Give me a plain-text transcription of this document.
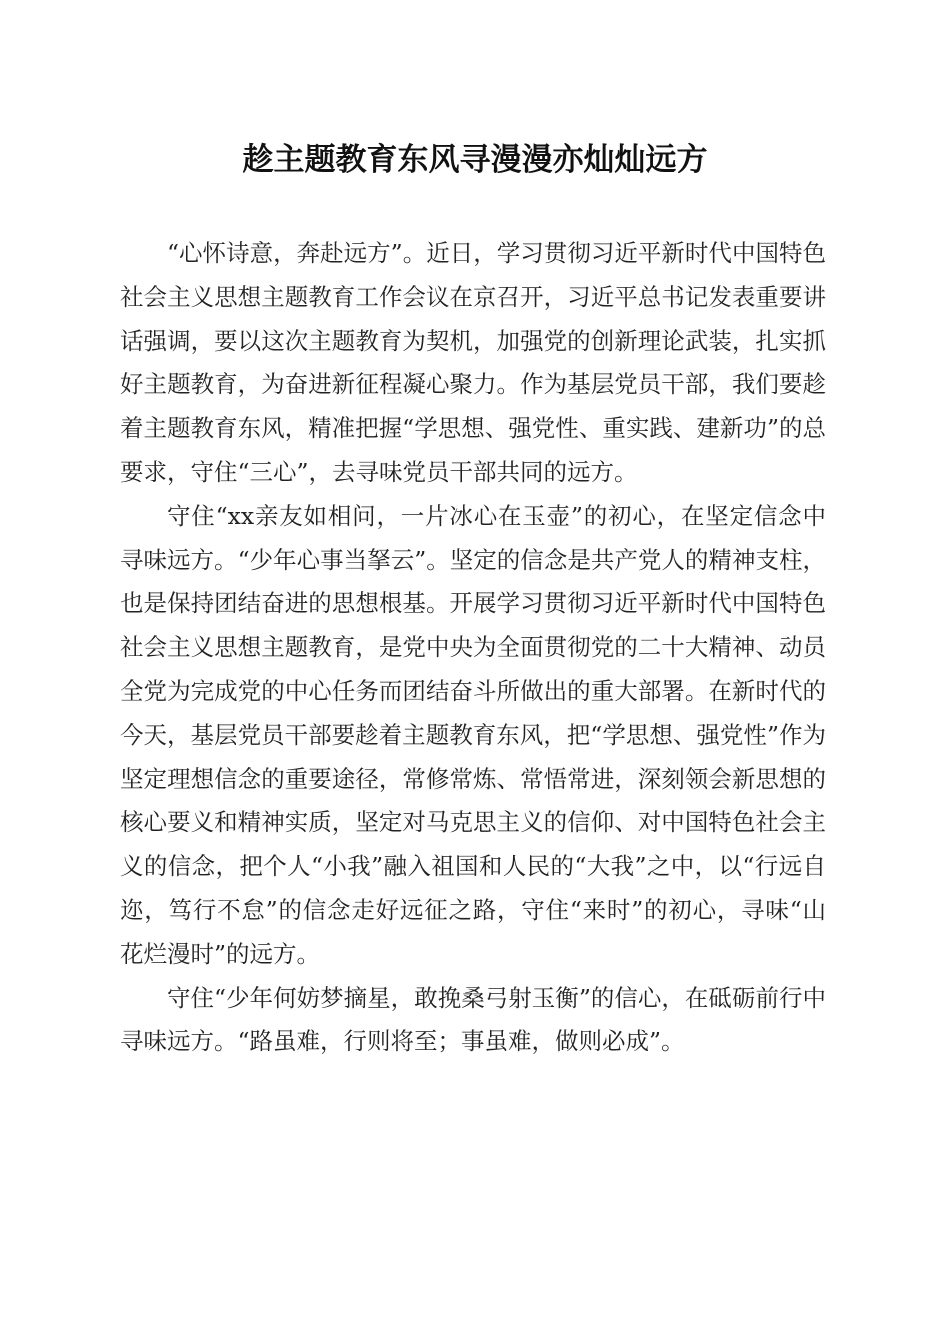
趁主题教育东风寻漫漫亦灿灿远方

“心怀诗意，奔赴远方”。近日，学习贯彻习近平新时代中国特色社会主义思想主题教育工作会议在京召开，习近平总书记发表重要讲话强调，要以这次主题教育为契机，加强党的创新理论武装，扎实抓好主题教育，为奋进新征程凝心聚力。作为基层党员干部，我们要趁着主题教育东风，精准把握“学思想、强党性、重实践、建新功”的总要求，守住“三心”，去寻味党员干部共同的远方。

守住“xx亲友如相问，一片冰心在玉壶”的初心，在坚定信念中寻味远方。“少年心事当拏云”。坚定的信念是共产党人的精神支柱，也是保持团结奋进的思想根基。开展学习贯彻习近平新时代中国特色社会主义思想主题教育，是党中央为全面贯彻党的二十大精神、动员全党为完成党的中心任务而团结奋斗所做出的重大部署。在新时代的今天，基层党员干部要趁着主题教育东风，把“学思想、强党性”作为坚定理想信念的重要途径，常修常炼、常悟常进，深刻领会新思想的核心要义和精神实质，坚定对马克思主义的信仰、对中国特色社会主义的信念，把个人“小我”融入祖国和人民的“大我”之中，以“行远自迩，笃行不怠”的信念走好远征之路，守住“来时”的初心，寻味“山花烂漫时”的远方。

守住“少年何妨梦摘星，敢挽桑弓射玉衡”的信心，在砥砺前行中寻味远方。“路虽难，行则将至；事虽难，做则必成”。
